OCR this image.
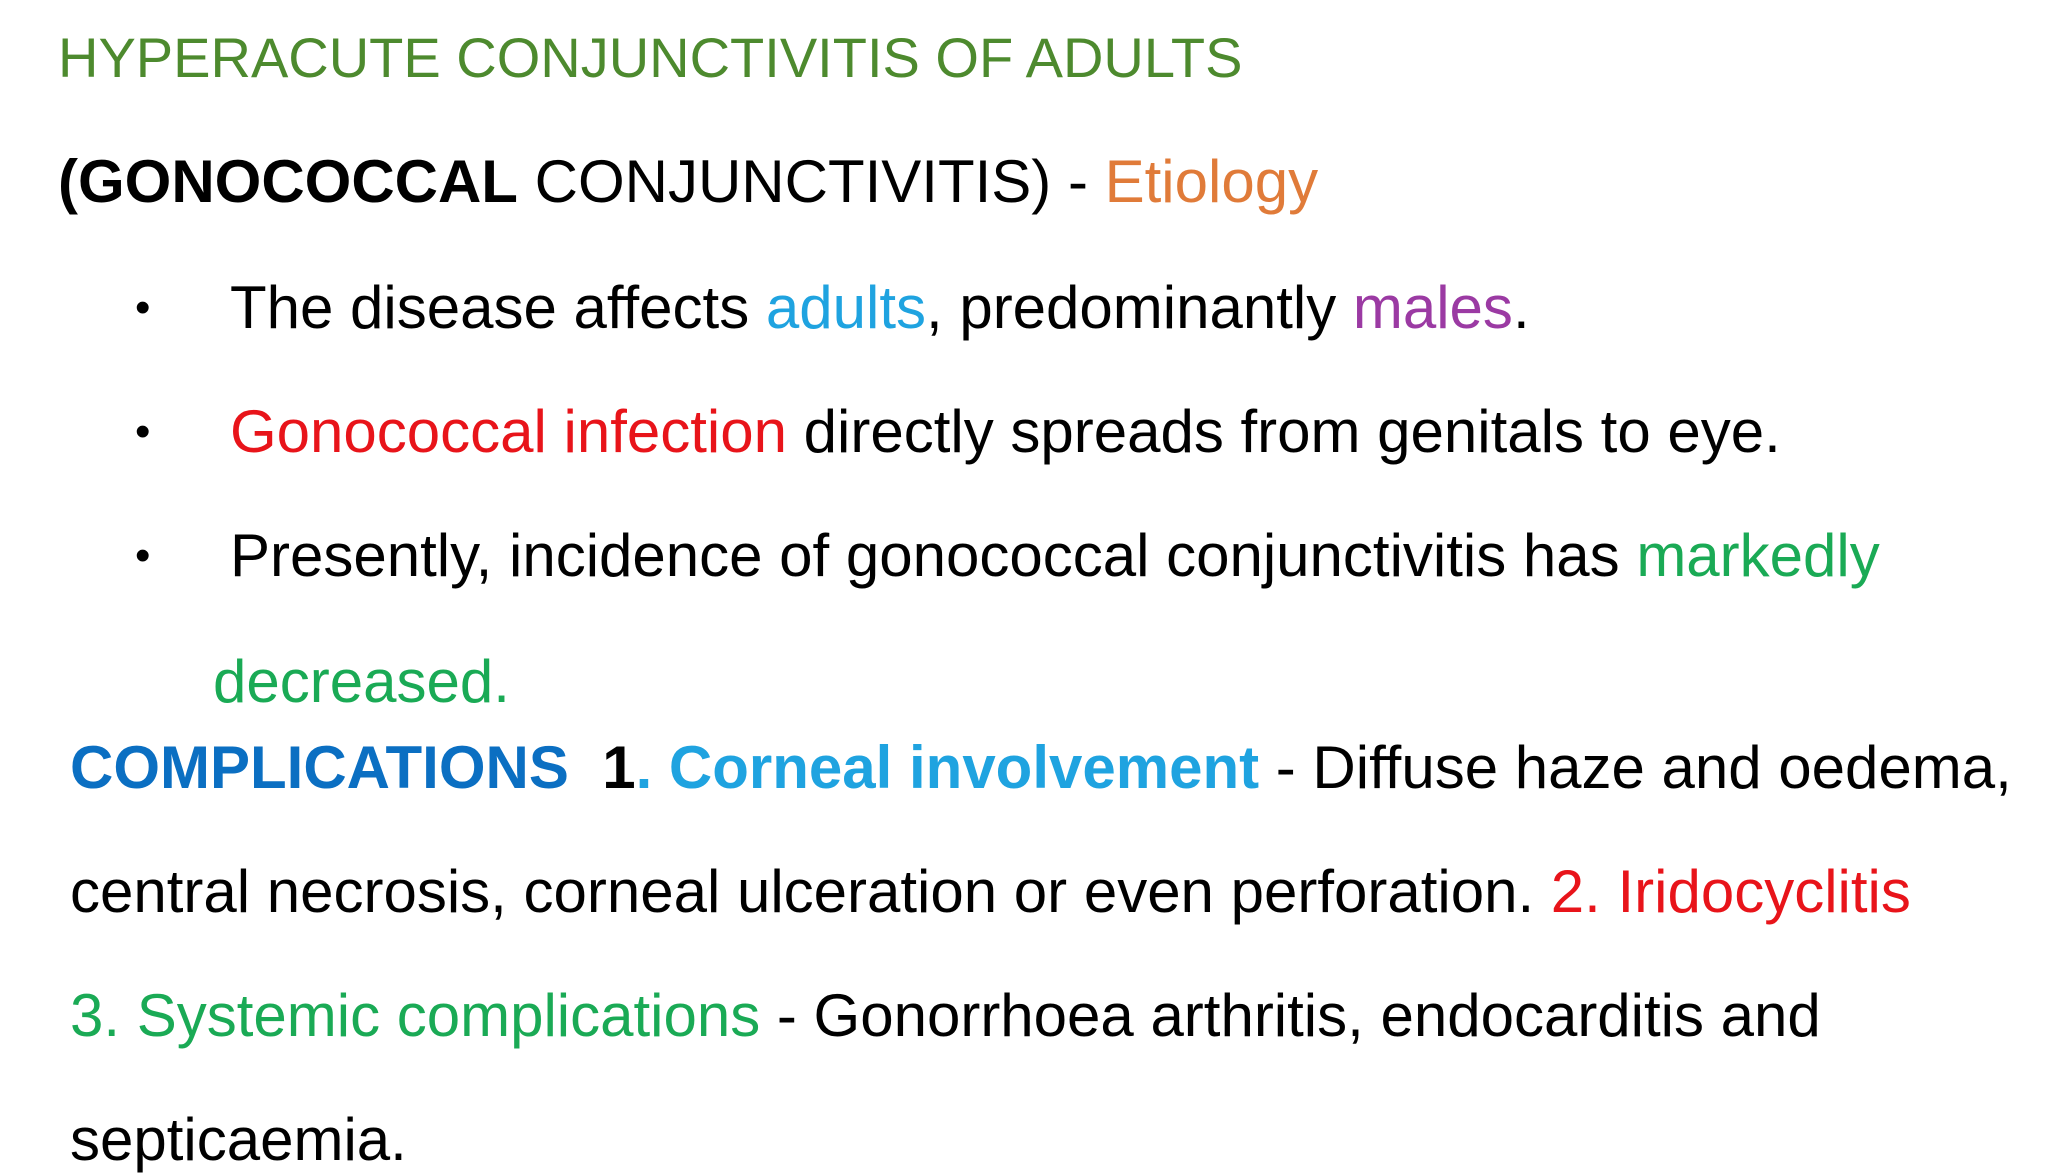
HYPERACUTE CONJUNCTIVITIS OF ADULTS
(GONOCOCCAL CONJUNCTIVITIS) - Etiology
• The disease affects adults, predominantly males.
• Gonococcal infection directly spreads from genitals to eye.
• Presently, incidence of gonococcal conjunctivitis has markedly
decreased.
COMPLICATIONS 1. Corneal involvement - Diffuse haze and oedema,
central necrosis, corneal ulceration or even perforation. 2. Iridocyclitis
3. Systemic complications - Gonorrhoea arthritis, endocarditis and
septicaemia.
